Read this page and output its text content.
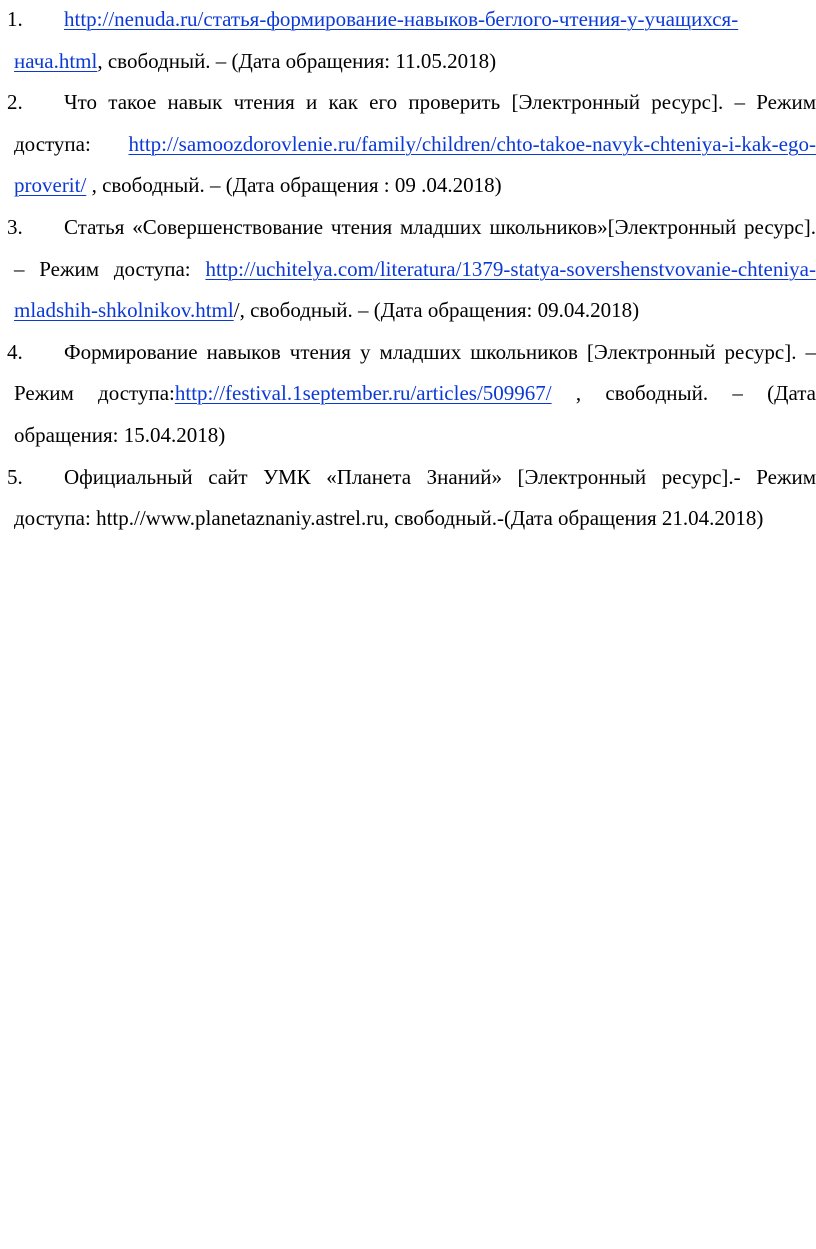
1. http://nenuda.ru/статья-формирование-навыков-беглого-чтения-у-учащихся-нача.html, свободный. – (Дата обращения: 11.05.2018)

2. Что такое навык чтения и как его проверить [Электронный ресурс]. – Режим доступа: http://samoozdorovlenie.ru/family/children/chto-takoe-navyk-chteniya-i-kak-ego-proverit/ , свободный. – (Дата обращения : 09 .04.2018)

3. Статья «Совершенствование чтения младших школьников»[Электронный ресурс]. – Режим доступа: http://uchitelya.com/literatura/1379-statya-sovershenstvovanie-chteniya-mladshih-shkolnikov.html/, свободный. – (Дата обращения: 09.04.2018)

4. Формирование навыков чтения у младших школьников [Электронный ресурс]. – Режим доступа:http://festival.1september.ru/articles/509967/ , свободный. – (Дата обращения: 15.04.2018)

5. Официальный сайт УМК «Планета Знаний» [Электронный ресурс].- Режим доступа: http.//www.planetaznaniy.astrel.ru, свободный.-(Дата обращения 21.04.2018)
